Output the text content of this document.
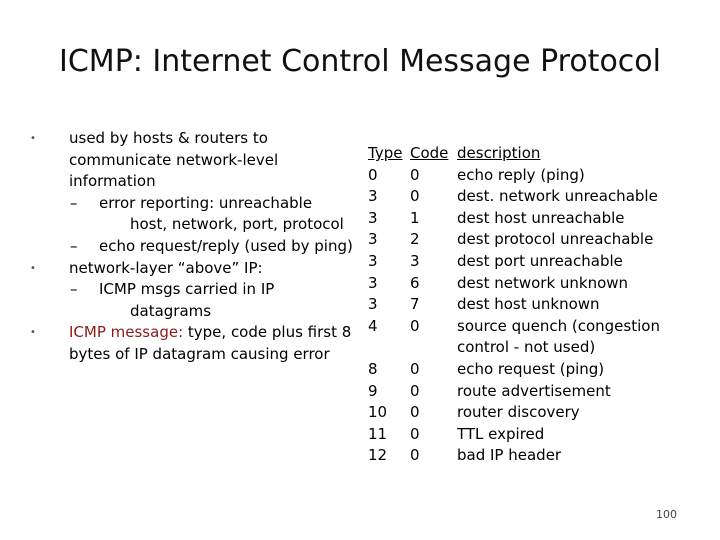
ICMP: Internet Control Message Protocol
• used by hosts & routers to
communicate network-level
information
– error reporting: unreachable
host, network, port, protocol
– echo request/reply (used by ping)
• network-layer “above” IP:
– ICMP msgs carried in IP
datagrams
• ICMP message: type, code plus first 8
bytes of IP datagram causing error
Type Code description
0 0 echo reply (ping)
3 0 dest. network unreachable
3 1 dest host unreachable
3 2 dest protocol unreachable
3 3 dest port unreachable
3 6 dest network unknown
3 7 dest host unknown
4 0 source quench (congestion
control - not used)
8 0 echo request (ping)
9 0 route advertisement
10 0 router discovery
11 0 TTL expired
12 0 bad IP header
100
